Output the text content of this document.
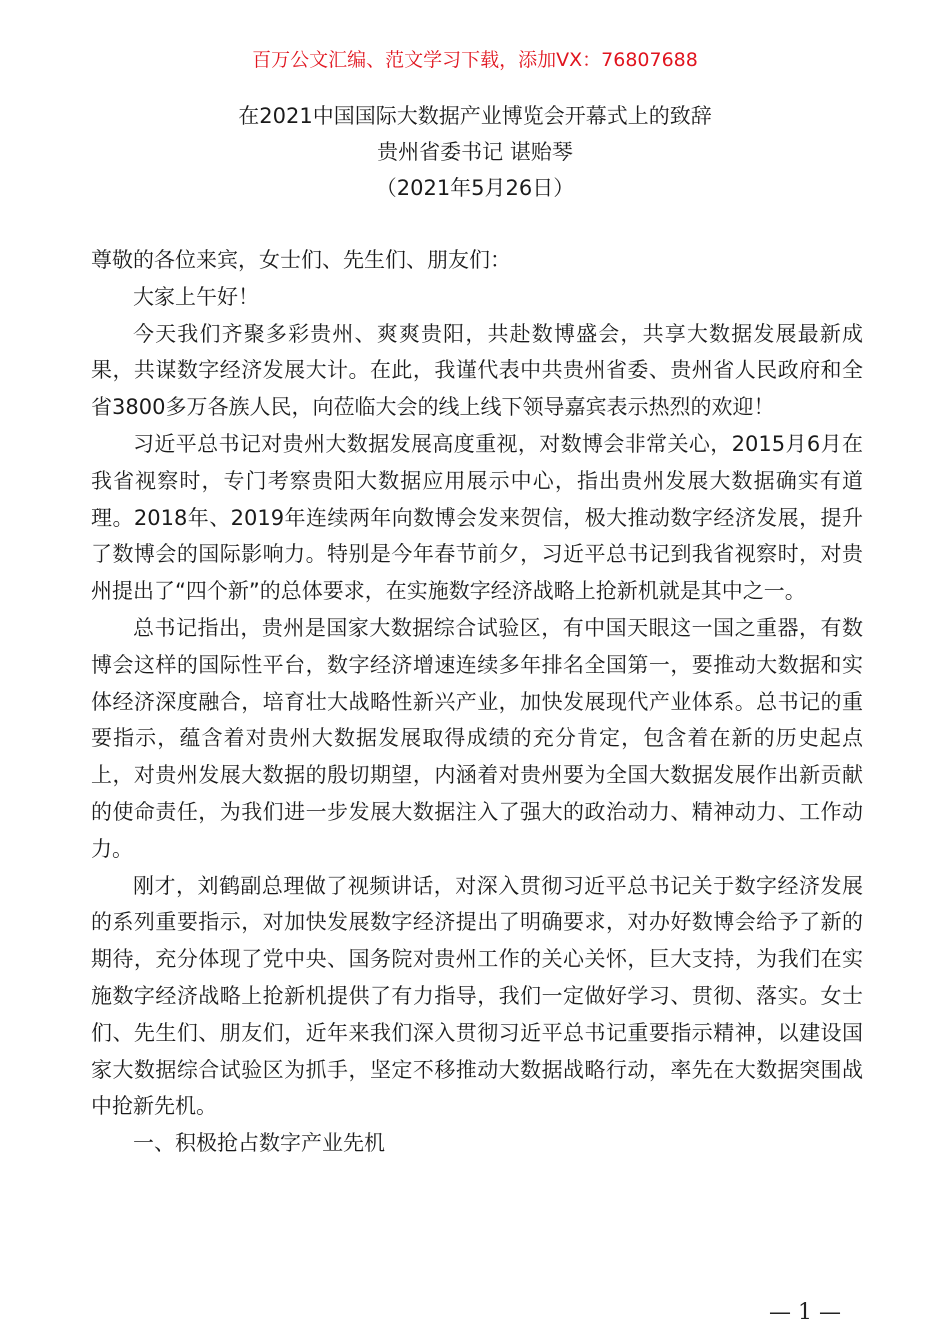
百万公文汇编、范文学习下载，添加VX：76807688
在2021中国国际大数据产业博览会开幕式上的致辞
贵州省委书记 谌贻琴
（2021年5月26日）

尊敬的各位来宾，女士们、先生们、朋友们：

大家上午好！

今天我们齐聚多彩贵州、爽爽贵阳，共赴数博盛会，共享大数据发展最新成果，共谋数字经济发展大计。在此，我谨代表中共贵州省委、贵州省人民政府和全省3800多万各族人民，向莅临大会的线上线下领导嘉宾表示热烈的欢迎！

习近平总书记对贵州大数据发展高度重视，对数博会非常关心，2015月6月在我省视察时，专门考察贵阳大数据应用展示中心，指出贵州发展大数据确实有道理。2018年、2019年连续两年向数博会发来贺信，极大推动数字经济发展，提升了数博会的国际影响力。特别是今年春节前夕，习近平总书记到我省视察时，对贵州提出了“四个新”的总体要求，在实施数字经济战略上抢新机就是其中之一。

总书记指出，贵州是国家大数据综合试验区，有中国天眼这一国之重器，有数博会这样的国际性平台，数字经济增速连续多年排名全国第一，要推动大数据和实体经济深度融合，培育壮大战略性新兴产业，加快发展现代产业体系。总书记的重要指示，蕴含着对贵州大数据发展取得成绩的充分肯定，包含着在新的历史起点上，对贵州发展大数据的殷切期望，内涵着对贵州要为全国大数据发展作出新贡献的使命责任，为我们进一步发展大数据注入了强大的政治动力、精神动力、工作动力。

刚才，刘鹤副总理做了视频讲话，对深入贯彻习近平总书记关于数字经济发展的系列重要指示，对加快发展数字经济提出了明确要求，对办好数博会给予了新的期待，充分体现了党中央、国务院对贵州工作的关心关怀，巨大支持，为我们在实施数字经济战略上抢新机提供了有力指导，我们一定做好学习、贯彻、落实。女士们、先生们、朋友们，近年来我们深入贯彻习近平总书记重要指示精神，以建设国家大数据综合试验区为抓手，坚定不移推动大数据战略行动，率先在大数据突围战中抢新先机。

一、积极抢占数字产业先机

— 1 —
